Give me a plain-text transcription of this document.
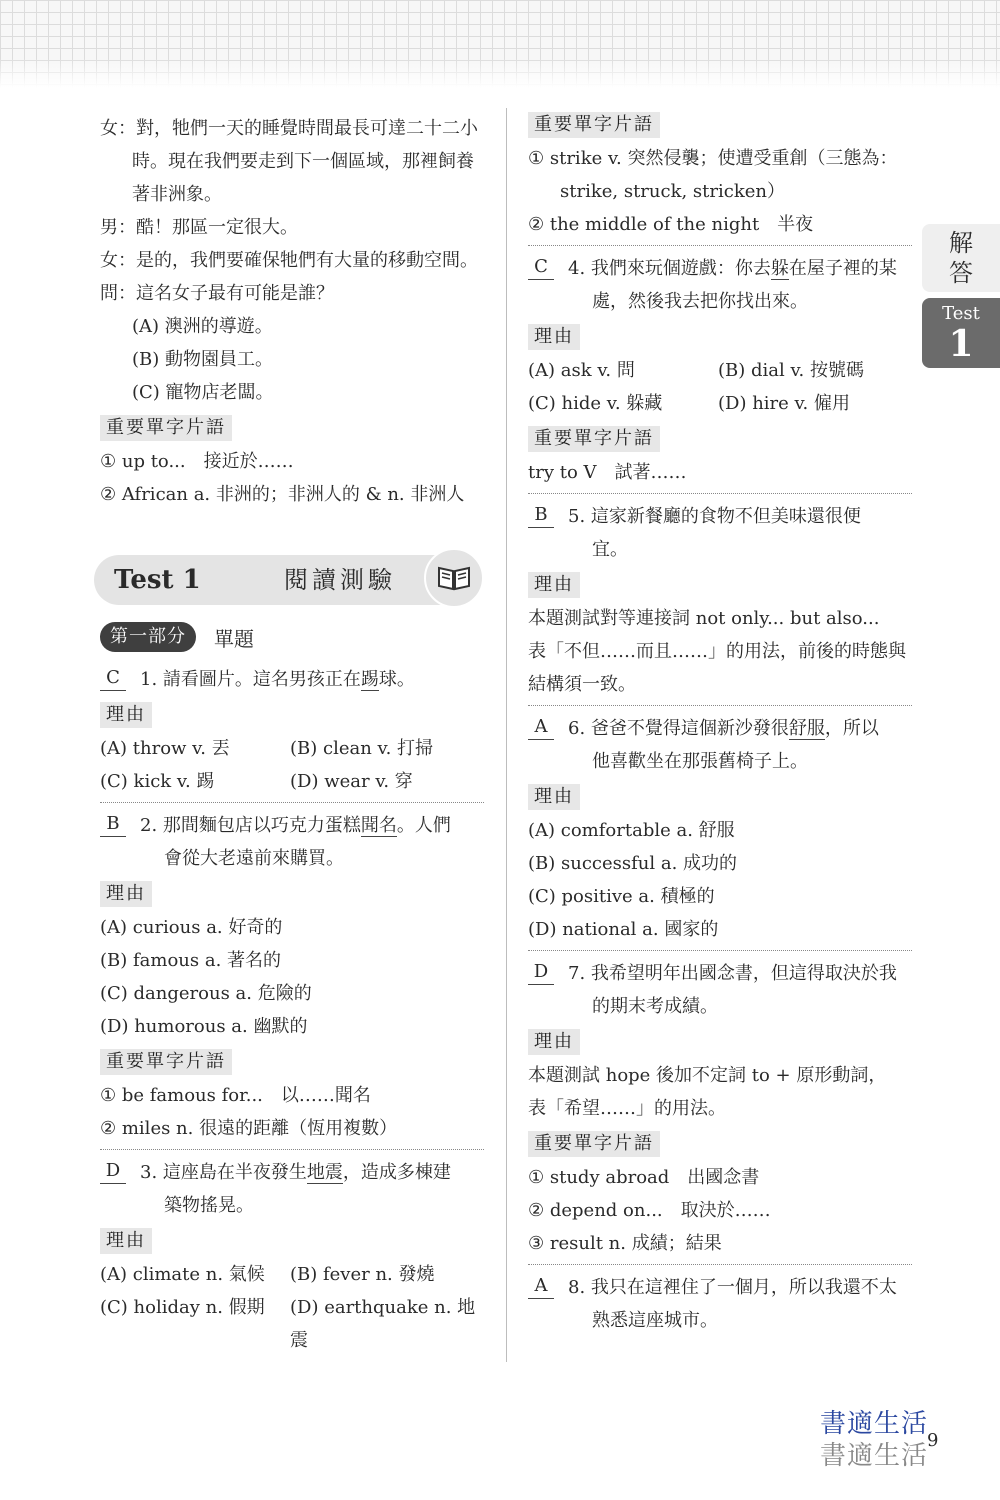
女：對，牠們一天的睡覺時間最長可達二十二小
時。現在我們要走到下一個區域，那裡飼養
著非洲象。
男：酷！那區一定很大。
女：是的，我們要確保牠們有大量的移動空間。
問：這名女子最有可能是誰？
(A) 澳洲的導遊。
(B) 動物園員工。
(C) 寵物店老闆。
重要單字片語
① up to...　接近於……
② African a. 非洲的；非洲人的 & n. 非洲人
Test 1	閱讀測驗
第一部分	單題
C	1. 請看圖片。這名男孩正在踢球。
理由
(A) throw v. 丟	(B) clean v. 打掃
(C) kick v. 踢	(D) wear v. 穿
B	2. 那間麵包店以巧克力蛋糕聞名。人們
會從大老遠前來購買。
理由
(A) curious a. 好奇的
(B) famous a. 著名的
(C) dangerous a. 危險的
(D) humorous a. 幽默的
重要單字片語
① be famous for...　以……聞名
② miles n. 很遠的距離（恆用複數）
D	3. 這座島在半夜發生地震，造成多棟建
築物搖晃。
理由
(A) climate n. 氣候	(B) fever n. 發燒
(C) holiday n. 假期	(D) earthquake n. 地震
重要單字片語
① strike v. 突然侵襲；使遭受重創（三態為：
strike, struck, stricken）
② the middle of the night　半夜
C	4. 我們來玩個遊戲：你去躲在屋子裡的某
處，然後我去把你找出來。
理由
(A) ask v. 問	(B) dial v. 按號碼
(C) hide v. 躲藏	(D) hire v. 僱用
重要單字片語
try to V　試著……
B	5. 這家新餐廳的食物不但美味還很便
宜。
理由
本題測試對等連接詞 not only... but also...
表「不但……而且……」的用法，前後的時態與
結構須一致。
A	6. 爸爸不覺得這個新沙發很舒服，所以
他喜歡坐在那張舊椅子上。
理由
(A) comfortable a. 舒服
(B) successful a. 成功的
(C) positive a. 積極的
(D) national a. 國家的
D	7. 我希望明年出國念書，但這得取決於我
的期末考成績。
理由
本題測試 hope 後加不定詞 to + 原形動詞，
表「希望……」的用法。
重要單字片語
① study abroad　出國念書
② depend on...　取決於……
③ result n. 成績；結果
A	8. 我只在這裡住了一個月，所以我還不太
熟悉這座城市。
解答
Test
1
書適生活
書適生活
9
